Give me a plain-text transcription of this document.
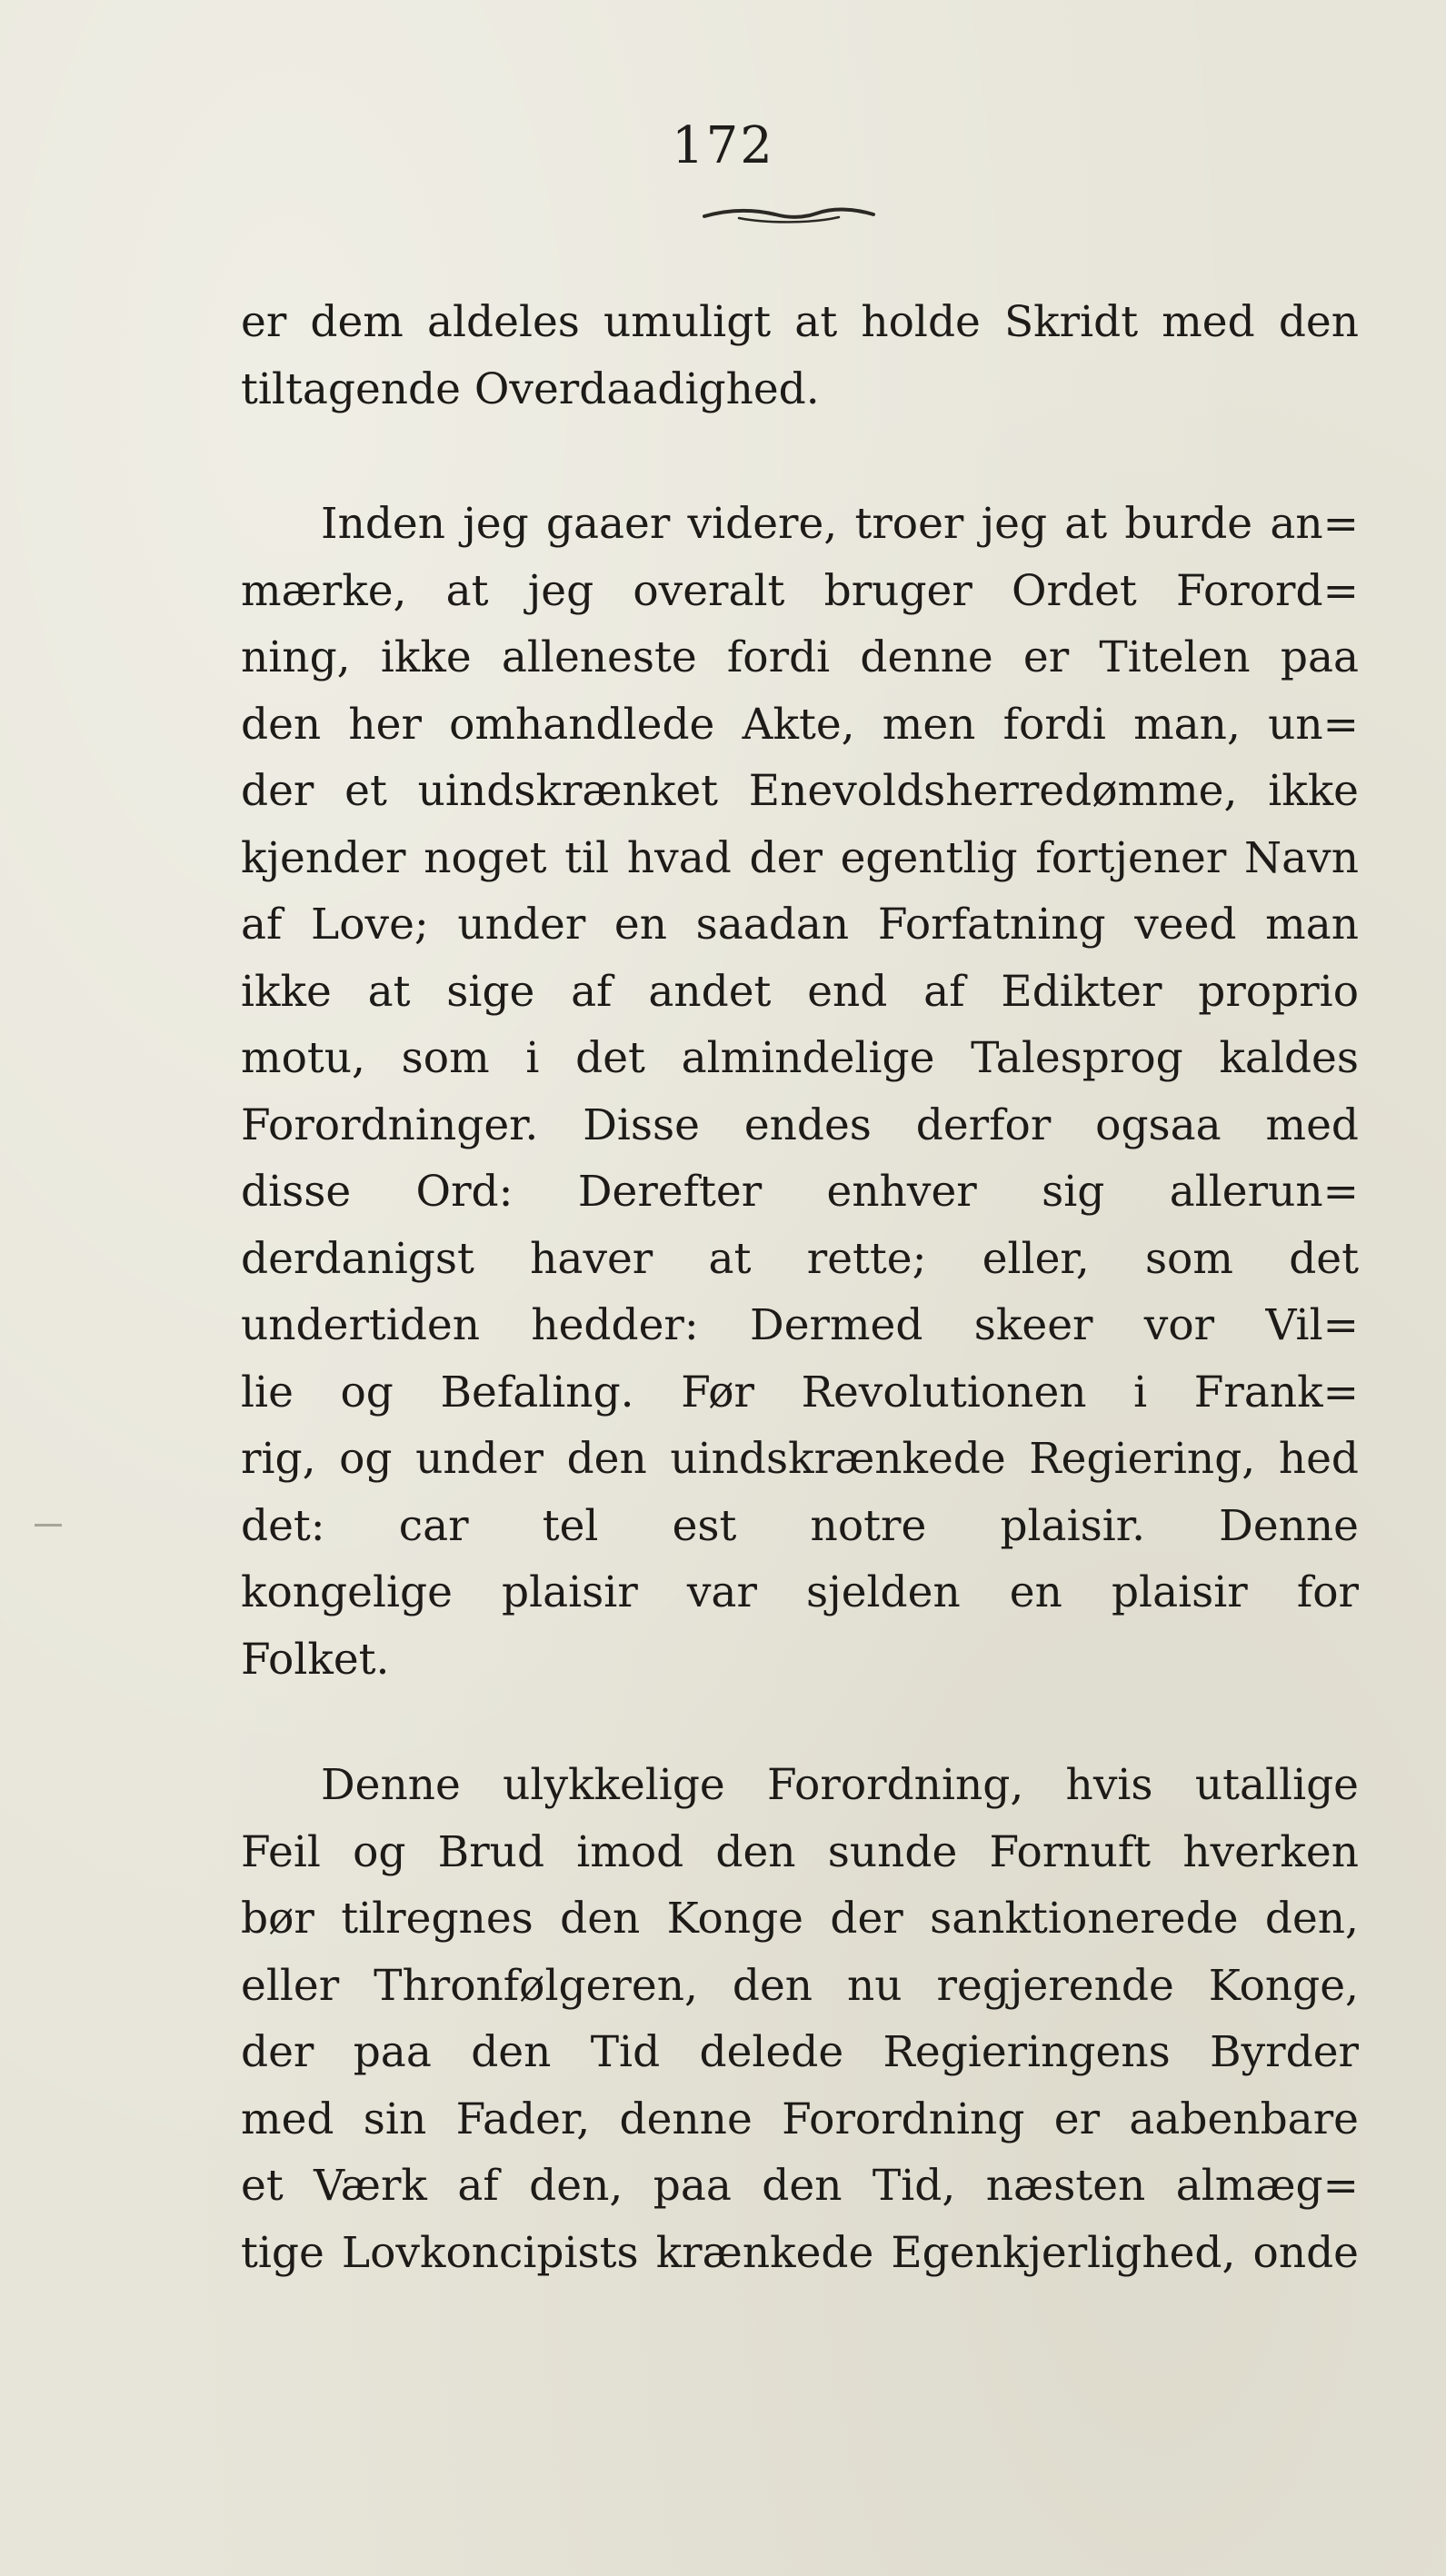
172
er dem aldeles umuligt at holde Skridt med den
tiltagende Overdaadighed.
Inden jeg gaaer videre, troer jeg at burde an=
mærke, at jeg overalt bruger Ordet Forord=
ning, ikke alleneste fordi denne er Titelen paa
den her omhandlede Akte, men fordi man, un=
der et uindskrænket Enevoldsherredømme, ikke
kjender noget til hvad der egentlig fortjener Navn
af Love; under en saadan Forfatning veed man
ikke at sige af andet end af Edikter proprio
motu, som i det almindelige Talesprog kaldes
Forordninger. Disse endes derfor ogsaa med
disse Ord: Derefter enhver sig allerun=
derdanigst haver at rette; eller, som det
undertiden hedder: Dermed skeer vor Vil=
lie og Befaling. Før Revolutionen i Frank=
rig, og under den uindskrænkede Regiering, hed
det: car tel est notre plaisir. Denne
kongelige plaisir var sjelden en plaisir for
Folket.
Denne ulykkelige Forordning, hvis utallige
Feil og Brud imod den sunde Fornuft hverken
bør tilregnes den Konge der sanktionerede den,
eller Thronfølgeren, den nu regjerende Konge,
der paa den Tid delede Regieringens Byrder
med sin Fader, denne Forordning er aabenbare
et Værk af den, paa den Tid, næsten almæg=
tige Lovkoncipists krænkede Egenkjerlighed, onde
